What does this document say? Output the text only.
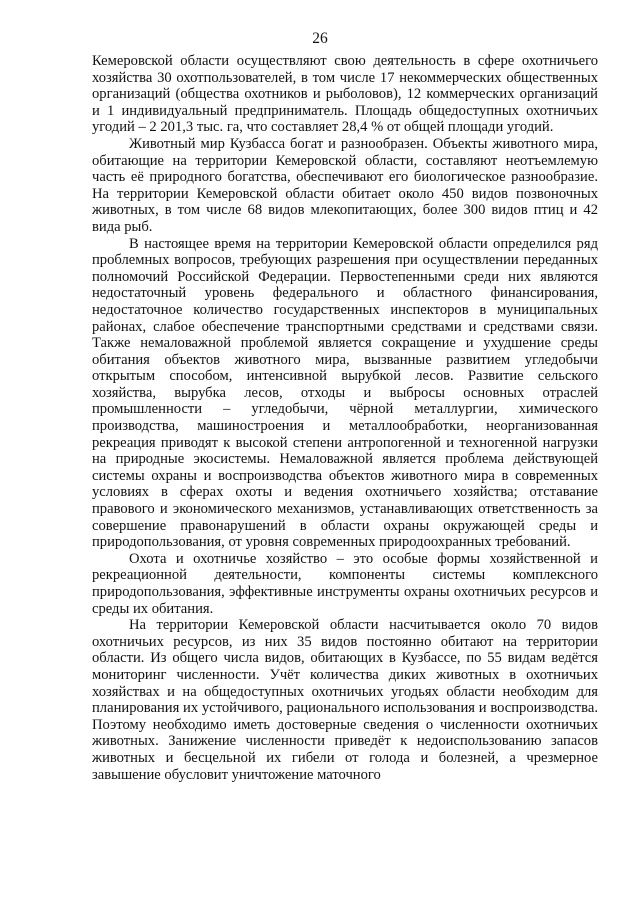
26

Кемеровской области осуществляют свою деятельность в сфере охотничьего хозяйства 30 охотпользователей, в том числе 17 некоммерческих общественных организаций (общества охотников и рыболовов), 12 коммерческих организаций и 1 индивидуальный предприниматель. Площадь общедоступных охотничьих угодий – 2 201,3 тыс. га, что составляет 28,4 % от общей площади угодий.

Животный мир Кузбасса богат и разнообразен. Объекты животного мира, обитающие на территории Кемеровской области, составляют неотъемлемую часть её природного богатства, обеспечивают его биологическое разнообразие. На территории Кемеровской области обитает около 450 видов позвоночных животных, в том числе 68 видов млекопитающих, более 300 видов птиц и 42 вида рыб.

В настоящее время на территории Кемеровской области определился ряд проблемных вопросов, требующих разрешения при осуществлении переданных полномочий Российской Федерации. Первостепенными среди них являются недостаточный уровень федерального и областного финансирования, недостаточное количество государственных инспекторов в муниципальных районах, слабое обеспечение транспортными средствами и средствами связи. Также немаловажной проблемой является сокращение и ухудшение среды обитания объектов животного мира, вызванные развитием угледобычи открытым способом, интенсивной вырубкой лесов. Развитие сельского хозяйства, вырубка лесов, отходы и выбросы основных отраслей промышленности – угледобычи, чёрной металлургии, химического производства, машиностроения и металлообработки, неорганизованная рекреация приводят к высокой степени антропогенной и техногенной нагрузки на природные экосистемы. Немаловажной является проблема действующей системы охраны и воспроизводства объектов животного мира в современных условиях в сферах охоты и ведения охотничьего хозяйства; отставание правового и экономического механизмов, устанавливающих ответственность за совершение правонарушений в области охраны окружающей среды и природопользования, от уровня современных природоохранных требований.

Охота и охотничье хозяйство – это особые формы хозяйственной и рекреационной деятельности, компоненты системы комплексного природопользования, эффективные инструменты охраны охотничьих ресурсов и среды их обитания.

На территории Кемеровской области насчитывается около 70 видов охотничьих ресурсов, из них 35 видов постоянно обитают на территории области. Из общего числа видов, обитающих в Кузбассе, по 55 видам ведётся мониторинг численности. Учёт количества диких животных в охотничьих хозяйствах и на общедоступных охотничьих угодьях области необходим для планирования их устойчивого, рационального использования и воспроизводства. Поэтому необходимо иметь достоверные сведения о численности охотничьих животных. Занижение численности приведёт к недоиспользованию запасов животных и бесцельной их гибели от голода и болезней, а чрезмерное завышение обусловит уничтожение маточного
